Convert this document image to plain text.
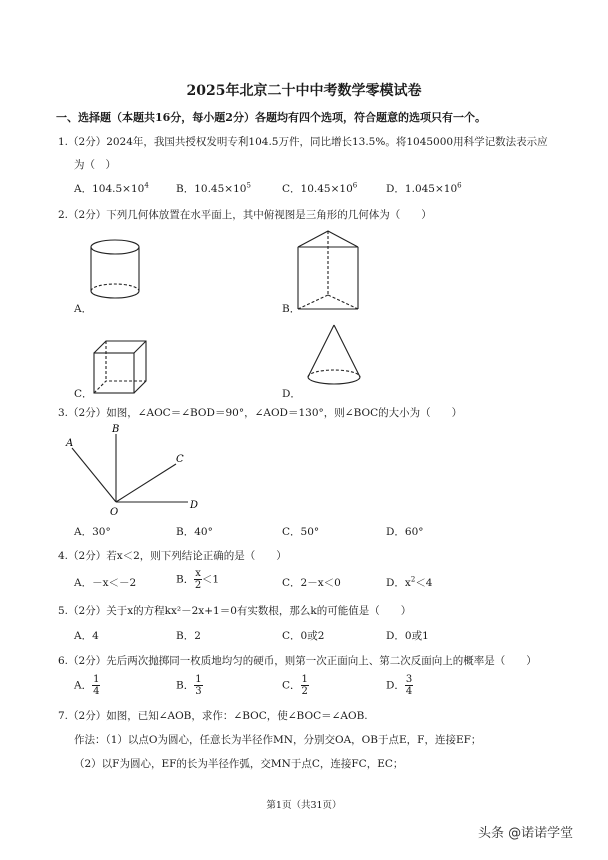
2025年北京二十中中考数学零模试卷
一、选择题（本题共16分，每小题2分）各题均有四个选项，符合题意的选项只有一个。
1.（2分）2024年，我国共授权发明专利104.5万件，同比增长13.5%。将1045000用科学记数法表示应
为（　）
A．$104.5\times 10^4$	B．$10.45\times 10^5$	C．$10.45\times 10^6$	D．$1.045\times 10^6$
2.（2分）下列几何体放置在水平面上，其中俯视图是三角形的几何体为（　　）
A．	B．
C．	D．
3.（2分）如图，∠AOC＝∠BOD＝90°，∠AOD＝130°，则∠BOC的大小为（　　）
A
B
C
O
D
A．30°	B．40°	C．50°	D．60°
4.（2分）若x＜2，则下列结论正确的是（　　）
A．－x＜－2	B． $\frac{x}{2} <1$	C．2－x＜0	D．$x^2<4$
5.（2分）关于x的方程kx²－2x+1＝0有实数根，那么k的可能值是（　　）
A．4	B．2	C．0或2	D．0或1
6.（2分）先后两次抛掷同一枚质地均匀的硬币，则第一次正面向上、第二次反面向上的概率是（　　）
A． $\frac{1}{4}$	B． $\frac{1}{3}$	C． $\frac{1}{2}$	D． $\frac{3}{4}$
7.（2分）如图，已知∠AOB，求作：∠BOC，使∠BOC＝∠AOB.
作法：（1）以点O为圆心，任意长为半径作MN，分别交OA，OB于点E，F，连接EF；
（2）以F为圆心，EF的长为半径作弧，交MN于点C，连接FC，EC；
第1页（共31页）
头条 @诺诺学堂
